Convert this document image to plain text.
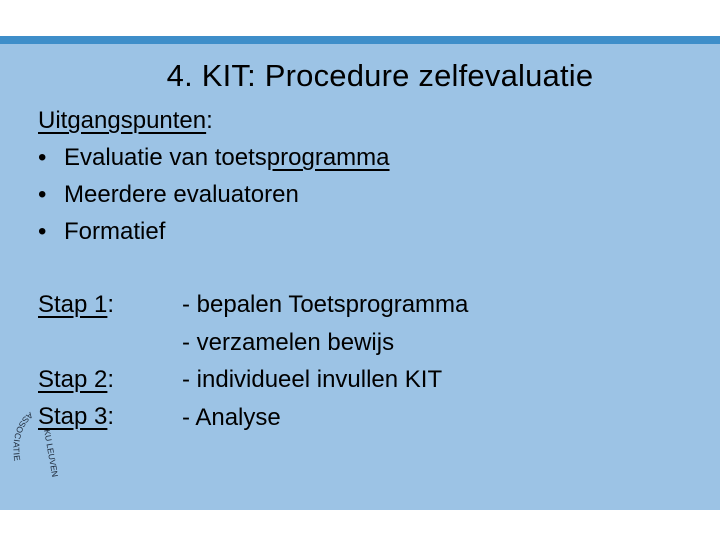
4. KIT: Procedure zelfevaluatie
Uitgangspunten:
• Evaluatie van toetsprogramma
• Meerdere evaluatoren
• Formatief
Stap 1:
Stap 2:
Stap 3:
- bepalen Toetsprogramma
- verzamelen bewijs
- individueel invullen KIT
- Analyse
ASSOCIATIE	KU LEUVEN
